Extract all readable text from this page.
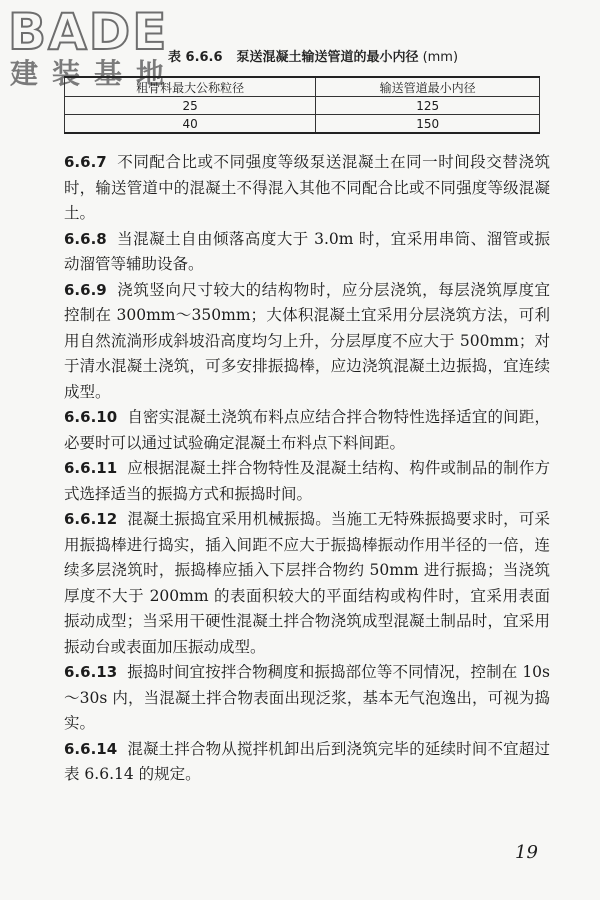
BADE
建装基地
表 6.6.6 泵送混凝土输送管道的最小内径 (mm)
粗骨料最大公称粒径	输送管道最小内径
25	125
40	150

6.6.7 不同配合比或不同强度等级泵送混凝土在同一时间段交替浇筑时，输送管道中的混凝土不得混入其他不同配合比或不同强度等级混凝土。

6.6.8 当混凝土自由倾落高度大于 3.0m 时，宜采用串筒、溜管或振动溜管等辅助设备。

6.6.9 浇筑竖向尺寸较大的结构物时，应分层浇筑，每层浇筑厚度宜控制在 300mm～350mm；大体积混凝土宜采用分层浇筑方法，可利用自然流淌形成斜坡沿高度均匀上升，分层厚度不应大于 500mm；对于清水混凝土浇筑，可多安排振捣棒，应边浇筑混凝土边振捣，宜连续成型。

6.6.10 自密实混凝土浇筑布料点应结合拌合物特性选择适宜的间距，必要时可以通过试验确定混凝土布料点下料间距。

6.6.11 应根据混凝土拌合物特性及混凝土结构、构件或制品的制作方式选择适当的振捣方式和振捣时间。

6.6.12 混凝土振捣宜采用机械振捣。当施工无特殊振捣要求时，可采用振捣棒进行捣实，插入间距不应大于振捣棒振动作用半径的一倍，连续多层浇筑时，振捣棒应插入下层拌合物约 50mm 进行振捣；当浇筑厚度不大于 200mm 的表面积较大的平面结构或构件时，宜采用表面振动成型；当采用干硬性混凝土拌合物浇筑成型混凝土制品时，宜采用振动台或表面加压振动成型。

6.6.13 振捣时间宜按拌合物稠度和振捣部位等不同情况，控制在 10s～30s 内，当混凝土拌合物表面出现泛浆，基本无气泡逸出，可视为捣实。

6.6.14 混凝土拌合物从搅拌机卸出后到浇筑完毕的延续时间不宜超过表 6.6.14 的规定。

19
